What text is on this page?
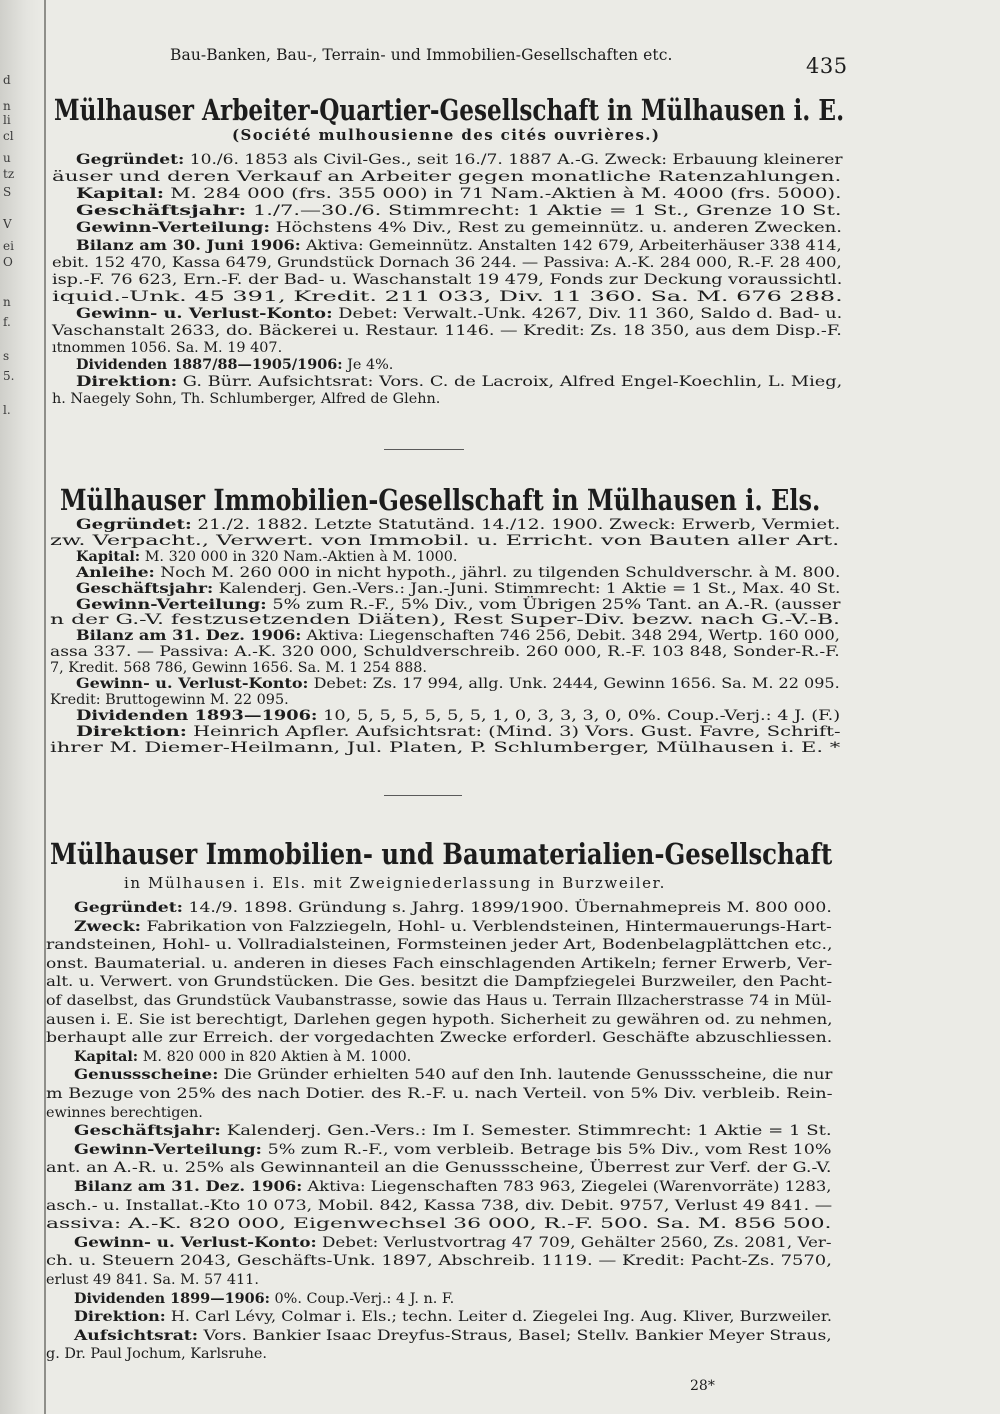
d
n
li
cl
u
tz
S
V
ei
O
n
f.
s
5.
l.
Bau-Banken, Bau-, Terrain- und Immobilien-Gesellschaften etc.	435
Mülhauser Arbeiter-Quartier-Gesellschaft in Mülhausen i. E.
(Société mulhousienne des cités ouvrières.)
Gegründet: 10./6. 1853 als Civil-Ges., seit 16./7. 1887 A.-G. Zweck: Erbauung kleinerer
äuser und deren Verkauf an Arbeiter gegen monatliche Ratenzahlungen.
Kapital: M. 284 000 (frs. 355 000) in 71 Nam.-Aktien à M. 4000 (frs. 5000).
Geschäftsjahr: 1./7.—30./6. Stimmrecht: 1 Aktie = 1 St., Grenze 10 St.
Gewinn-Verteilung: Höchstens 4% Div., Rest zu gemeinnütz. u. anderen Zwecken.
Bilanz am 30. Juni 1906: Aktiva: Gemeinnütz. Anstalten 142 679, Arbeiterhäuser 338 414,
ebit. 152 470, Kassa 6479, Grundstück Dornach 36 244. — Passiva: A.-K. 284 000, R.-F. 28 400,
isp.-F. 76 623, Ern.-F. der Bad- u. Waschanstalt 19 479, Fonds zur Deckung voraussichtl.
iquid.-Unk. 45 391, Kredit. 211 033, Div. 11 360. Sa. M. 676 288.
Gewinn- u. Verlust-Konto: Debet: Verwalt.-Unk. 4267, Div. 11 360, Saldo d. Bad- u.
Vaschanstalt 2633, do. Bäckerei u. Restaur. 1146. — Kredit: Zs. 18 350, aus dem Disp.-F.
ıtnommen 1056. Sa. M. 19 407.
Dividenden 1887/88—1905/1906: Je 4%.
Direktion: G. Bürr. Aufsichtsrat: Vors. C. de Lacroix, Alfred Engel-Koechlin, L. Mieg,
h. Naegely Sohn, Th. Schlumberger, Alfred de Glehn.
Mülhauser Immobilien-Gesellschaft in Mülhausen i. Els.
Gegründet: 21./2. 1882. Letzte Statutänd. 14./12. 1900. Zweck: Erwerb, Vermiet.
zw. Verpacht., Verwert. von Immobil. u. Erricht. von Bauten aller Art.
Kapital: M. 320 000 in 320 Nam.-Aktien à M. 1000.
Anleihe: Noch M. 260 000 in nicht hypoth., jährl. zu tilgenden Schuldverschr. à M. 800.
Geschäftsjahr: Kalenderj. Gen.-Vers.: Jan.-Juni. Stimmrecht: 1 Aktie = 1 St., Max. 40 St.
Gewinn-Verteilung: 5% zum R.-F., 5% Div., vom Übrigen 25% Tant. an A.-R. (ausser
n der G.-V. festzusetzenden Diäten), Rest Super-Div. bezw. nach G.-V.-B.
Bilanz am 31. Dez. 1906: Aktiva: Liegenschaften 746 256, Debit. 348 294, Wertp. 160 000,
assa 337. — Passiva: A.-K. 320 000, Schuldverschreib. 260 000, R.-F. 103 848, Sonder-R.-F.
7, Kredit. 568 786, Gewinn 1656. Sa. M. 1 254 888.
Gewinn- u. Verlust-Konto: Debet: Zs. 17 994, allg. Unk. 2444, Gewinn 1656. Sa. M. 22 095.
Kredit: Bruttogewinn M. 22 095.
Dividenden 1893—1906: 10, 5, 5, 5, 5, 5, 5, 1, 0, 3, 3, 3, 0, 0%. Coup.-Verj.: 4 J. (F.)
Direktion: Heinrich Apfler. Aufsichtsrat: (Mind. 3) Vors. Gust. Favre, Schrift-
ihrer M. Diemer-Heilmann, Jul. Platen, P. Schlumberger, Mülhausen i. E. *
Mülhauser Immobilien- und Baumaterialien-Gesellschaft
in Mülhausen i. Els. mit Zweigniederlassung in Burzweiler.
Gegründet: 14./9. 1898. Gründung s. Jahrg. 1899/1900. Übernahmepreis M. 800 000.
Zweck: Fabrikation von Falzziegeln, Hohl- u. Verblendsteinen, Hintermauerungs-Hart-
randsteinen, Hohl- u. Vollradialsteinen, Formsteinen jeder Art, Bodenbelagplättchen etc.,
onst. Baumaterial. u. anderen in dieses Fach einschlagenden Artikeln; ferner Erwerb, Ver-
alt. u. Verwert. von Grundstücken. Die Ges. besitzt die Dampfziegelei Burzweiler, den Pacht-
of daselbst, das Grundstück Vaubanstrasse, sowie das Haus u. Terrain Illzacherstrasse 74 in Mül-
ausen i. E. Sie ist berechtigt, Darlehen gegen hypoth. Sicherheit zu gewähren od. zu nehmen,
berhaupt alle zur Erreich. der vorgedachten Zwecke erforderl. Geschäfte abzuschliessen.
Kapital: M. 820 000 in 820 Aktien à M. 1000.
Genussscheine: Die Gründer erhielten 540 auf den Inh. lautende Genussscheine, die nur
m Bezuge von 25% des nach Dotier. des R.-F. u. nach Verteil. von 5% Div. verbleib. Rein-
ewinnes berechtigen.
Geschäftsjahr: Kalenderj. Gen.-Vers.: Im I. Semester. Stimmrecht: 1 Aktie = 1 St.
Gewinn-Verteilung: 5% zum R.-F., vom verbleib. Betrage bis 5% Div., vom Rest 10%
ant. an A.-R. u. 25% als Gewinnanteil an die Genussscheine, Überrest zur Verf. der G.-V.
Bilanz am 31. Dez. 1906: Aktiva: Liegenschaften 783 963, Ziegelei (Warenvorräte) 1283,
asch.- u. Installat.-Kto 10 073, Mobil. 842, Kassa 738, div. Debit. 9757, Verlust 49 841. —
assiva: A.-K. 820 000, Eigenwechsel 36 000, R.-F. 500. Sa. M. 856 500.
Gewinn- u. Verlust-Konto: Debet: Verlustvortrag 47 709, Gehälter 2560, Zs. 2081, Ver-
ch. u. Steuern 2043, Geschäfts-Unk. 1897, Abschreib. 1119. — Kredit: Pacht-Zs. 7570,
erlust 49 841. Sa. M. 57 411.
Dividenden 1899—1906: 0%. Coup.-Verj.: 4 J. n. F.
Direktion: H. Carl Lévy, Colmar i. Els.; techn. Leiter d. Ziegelei Ing. Aug. Kliver, Burzweiler.
Aufsichtsrat: Vors. Bankier Isaac Dreyfus-Straus, Basel; Stellv. Bankier Meyer Straus,
g. Dr. Paul Jochum, Karlsruhe.
28*
